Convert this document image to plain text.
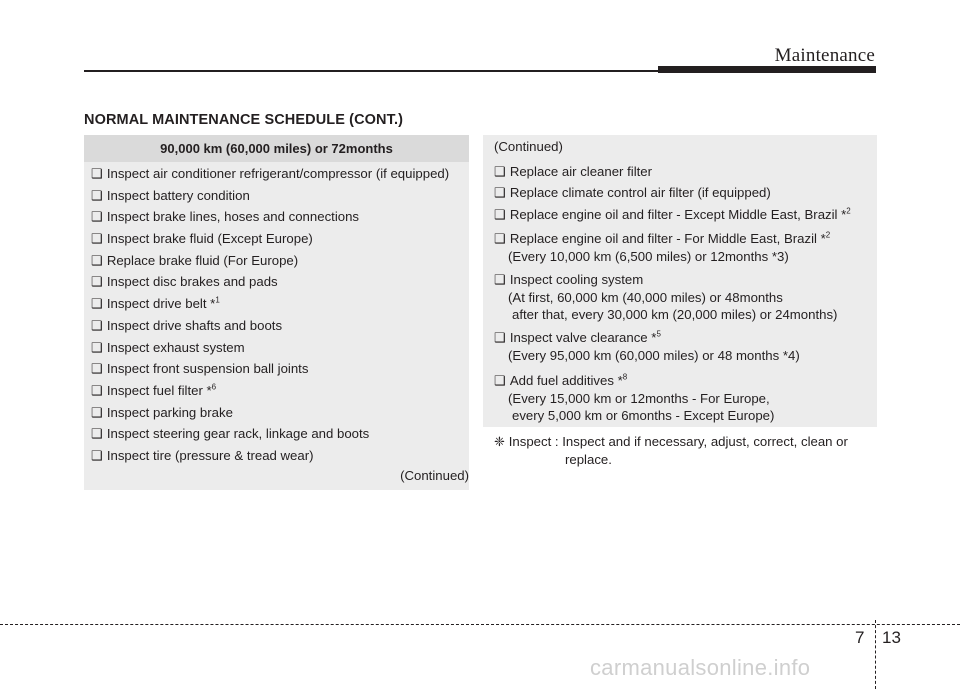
Maintenance
NORMAL MAINTENANCE SCHEDULE (CONT.)
90,000 km (60,000 miles) or 72months
❑ Inspect air conditioner refrigerant/compressor (if equipped)
❑ Inspect battery condition
❑ Inspect brake lines, hoses and connections
❑ Inspect brake fluid (Except Europe)
❑ Replace brake fluid (For Europe)
❑ Inspect disc brakes and pads
❑ Inspect drive belt *$^1$
❑ Inspect drive shafts and boots
❑ Inspect exhaust system
❑ Inspect front suspension ball joints
❑ Inspect fuel filter *$^6$
❑ Inspect parking brake
❑ Inspect steering gear rack, linkage and boots
❑ Inspect tire (pressure & tread wear)
(Continued)
(Continued)
❑ Replace air cleaner filter
❑ Replace climate control air filter (if equipped)
❑ Replace engine oil and filter - Except Middle East, Brazil *$^2$
❑ Replace engine oil and filter - For Middle East, Brazil *$^2$
(Every 10,000 km (6,500 miles) or 12months *3)
❑ Inspect cooling system
(At first, 60,000 km (40,000 miles) or 48months
after that, every 30,000 km (20,000 miles) or 24months)
❑ Inspect valve clearance *$^5$
(Every 95,000 km (60,000 miles) or 48 months *4)
❑ Add fuel additives *$^8$
(Every 15,000 km or 12months - For Europe,
every 5,000 km or 6months - Except Europe)
❈ Inspect : Inspect and if necessary, adjust, correct, clean or
replace.
7 13
carmanualsonline.info
